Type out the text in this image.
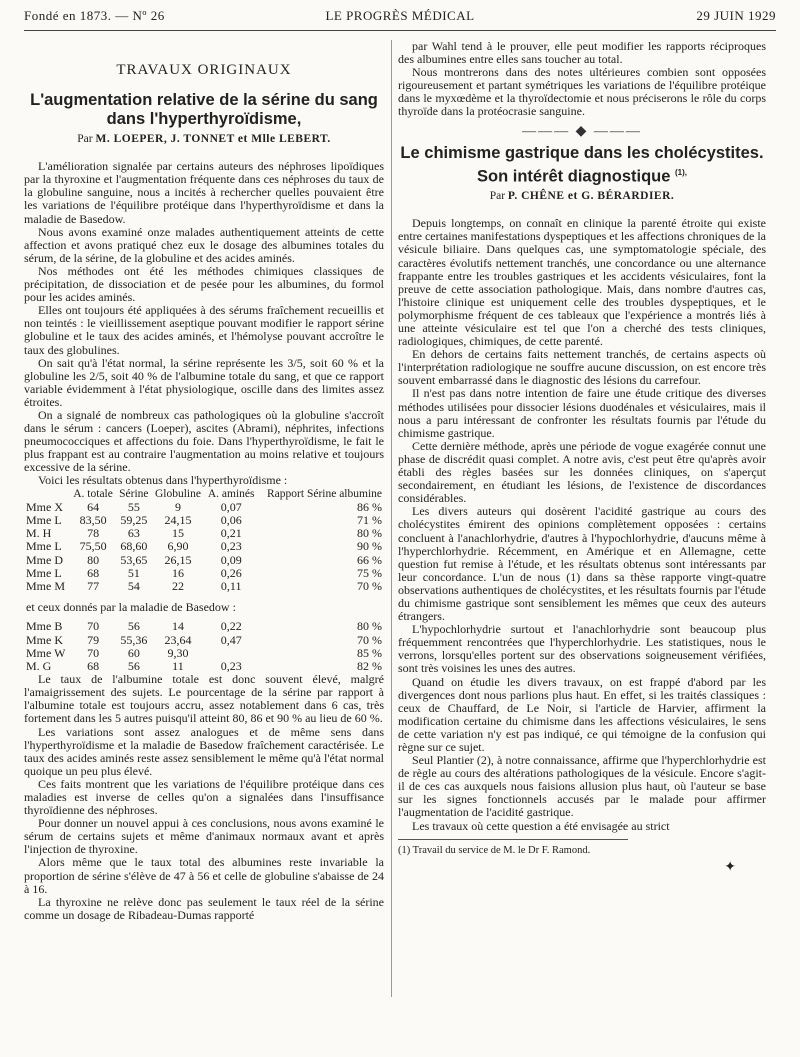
Fondé en 1873. — Nº 26	LE PROGRÈS MÉDICAL	29 JUIN 1929
TRAVAUX ORIGINAUX
L'augmentation relative de la sérine du sang dans l'hyperthyroïdisme,
Par M. LOEPER, J. TONNET et Mlle LEBERT.

L'amélioration signalée par certains auteurs des néphroses lipoïdiques par la thyroxine et l'augmentation fréquente dans ces néphroses du taux de la globuline sanguine, nous a incités à rechercher quelles pouvaient être les variations de l'équilibre protéique dans l'hyperthyroïdisme et dans la maladie de Basedow.

Nous avons examiné onze malades authentiquement atteints de cette affection et avons pratiqué chez eux le dosage des albumines totales du sérum, de la sérine, de la globuline et des acides aminés.

Nos méthodes ont été les méthodes chimiques classiques de précipitation, de dissociation et de pesée pour les albumines, du formol pour les acides aminés.

Elles ont toujours été appliquées à des sérums fraîchement recueillis et non teintés : le vieillissement aseptique pouvant modifier le rapport sérine globuline et le taux des acides aminés, et l'hémolyse pouvant accroître le taux des globulines.

On sait qu'à l'état normal, la sérine représente les 3/5, soit 60 % et la globuline les 2/5, soit 40 % de l'albumine totale du sang, et que ce rapport variable évidemment à l'état physiologique, oscille dans des limites assez étroites.

On a signalé de nombreux cas pathologiques où la globuline s'accroît dans le sérum : cancers (Loeper), ascites (Abrami), néphrites, infections pneumococciques et affections du foie. Dans l'hyperthyroïdisme, le fait le plus frappant est au contraire l'augmentation au moins relative et toujours excessive de la sérine.

Voici les résultats obtenus dans l'hyperthyroïdisme :

	A. totale	Sérine	Globuline	A. aminés	Rapport Sérine albumine
Mme X	64	55	9	0,07	86 %
Mme L	83,50	59,25	24,15	0,06	71 %
M. H	78	63	15	0,21	80 %
Mme L	75,50	68,60	6,90	0,23	90 %
Mme D	80	53,65	26,15	0,09	66 %
Mme L	68	51	16	0,26	75 %
Mme M	77	54	22	0,11	70 %
et ceux donnés par la maladie de Basedow :					
Mme B	70	56	14	0,22	80 %
Mme K	79	55,36	23,64	0,47	70 %
Mme W	70	60	9,30		85 %
M. G	68	56	11	0,23	82 %

Le taux de l'albumine totale est donc souvent élevé, malgré l'amaigrissement des sujets. Le pourcentage de la sérine par rapport à l'albumine totale est toujours accru, assez notablement dans 6 cas, très fortement dans les 5 autres puisqu'il atteint 80, 86 et 90 % au lieu de 60 %.

Les variations sont assez analogues et de même sens dans l'hyperthyroïdisme et la maladie de Basedow fraîchement caractérisée. Le taux des acides aminés reste assez sensiblement le même qu'à l'état normal quoique un peu plus élevé.

Ces faits montrent que les variations de l'équilibre protéique dans ces maladies est inverse de celles qu'on a signalées dans l'insuffisance thyroïdienne des néphroses.

Pour donner un nouvel appui à ces conclusions, nous avons examiné le sérum de certains sujets et même d'animaux normaux avant et après l'injection de thyroxine.

Alors même que le taux total des albumines reste invariable la proportion de sérine s'élève de 47 à 56 et celle de globuline s'abaisse de 24 à 16.

La thyroxine ne relève donc pas seulement le taux réel de la sérine comme un dosage de Ribadeau-Dumas rapporté

par Wahl tend à le prouver, elle peut modifier les rapports réciproques des albumines entre elles sans toucher au total.

Nous montrerons dans des notes ultérieures combien sont opposées rigoureusement et partant symétriques les variations de l'équilibre protéique dans le myxœdème et la thyroïdectomie et nous préciserons le rôle du corps thyroïde dans la protéocrasie sanguine.

——— ◆ ———
Le chimisme gastrique dans les cholécystites. Son intérêt diagnostique $^{(1),}$
Par P. CHÊNE et G. BÉRARDIER.

Depuis longtemps, on connaît en clinique la parenté étroite qui existe entre certaines manifestations dyspeptiques et les affections chroniques de la vésicule biliaire. Dans quelques cas, une symptomatologie spéciale, des caractères évolutifs nettement tranchés, une concordance ou une alternance frappante entre les troubles gastriques et les accidents vésiculaires, font la preuve de cette association pathologique. Mais, dans nombre d'autres cas, l'histoire clinique est uniquement celle des troubles dyspeptiques, et le polymorphisme fréquent de ces tableaux que l'expérience a montrés liés à une atteinte vésiculaire est tel que l'on a cherché des tests cliniques, radiologiques, chimiques, de cette parenté.

En dehors de certains faits nettement tranchés, de certains aspects où l'interprétation radiologique ne souffre aucune discussion, on est encore très souvent embarrassé dans le diagnostic des lésions du carrefour.

Il n'est pas dans notre intention de faire une étude critique des diverses méthodes utilisées pour dissocier lésions duodénales et vésiculaires, mais il nous a paru intéressant de confronter les résultats fournis par l'étude du chimisme gastrique.

Cette dernière méthode, après une période de vogue exagérée connut une phase de discrédit quasi complet. A notre avis, c'est peut être qu'après avoir établi des règles basées sur les données cliniques, on s'aperçut secondairement, en étudiant les lésions, de l'existence de discordances considérables.

Les divers auteurs qui dosèrent l'acidité gastrique au cours des cholécystites émirent des opinions complètement opposées : certains concluent à l'anachlorhydrie, d'autres à l'hypochlorhydrie, d'aucuns même à l'hyperchlorhydrie. Récemment, en Amérique et en Allemagne, cette question fut remise à l'étude, et les résultats obtenus sont intéressants par leur concordance. L'un de nous (1) dans sa thèse rapporte vingt-quatre observations authentiques de cholécystites, et les résultats fournis par l'étude du chimisme gastrique sont sensiblement les mêmes que ceux des auteurs étrangers.

L'hypochlorhydrie surtout et l'anachlorhydrie sont beaucoup plus fréquemment rencontrées que l'hyperchlorhydrie. Les statistiques, nous le verrons, lorsqu'elles portent sur des observations soigneusement vérifiées, sont très voisines les unes des autres.

Quand on étudie les divers travaux, on est frappé d'abord par les divergences dont nous parlions plus haut. En effet, si les traités classiques : ceux de Chauffard, de Le Noir, si l'article de Harvier, affirment la modification certaine du chimisme dans les affections vésiculaires, le sens de cette variation n'y est pas indiqué, ce qui témoigne de la confusion qui règne sur ce sujet.

Seul Plantier (2), à notre connaissance, affirme que l'hyperchlorhydrie est de règle au cours des altérations pathologiques de la vésicule. Encore s'agit-il de ces cas auxquels nous faisions allusion plus haut, où l'auteur se base sur les signes fonctionnels accusés par le malade pour affirmer l'augmentation de l'acidité gastrique.

Les travaux où cette question a été envisagée au strict

(1) Travail du service de M. le Dr F. Ramond.
✦
